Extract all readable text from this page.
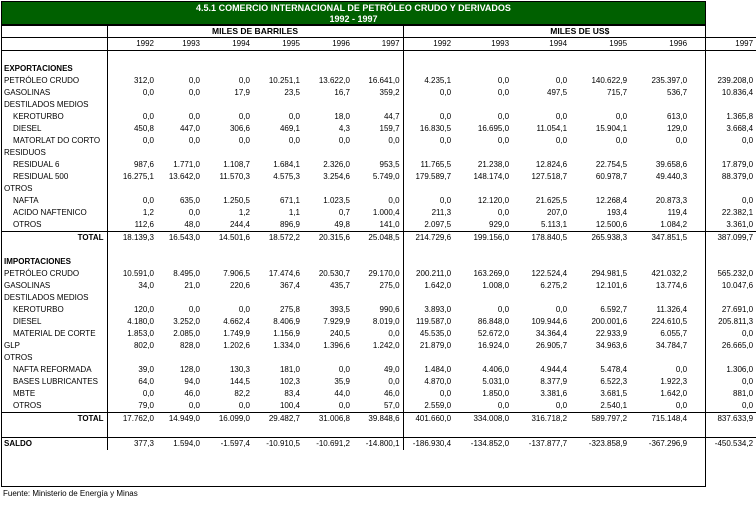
4.5.1 COMERCIO INTERNACIONAL DE PETRÓLEO CRUDO Y DERIVADOS
1992 - 1997
	MILES DE BARRILES						MILES DE US$					
	1992	1993	1994	1995	1996	1997	1992	1993	1994	1995	1996	1997

EXPORTACIONES												
PETRÓLEO CRUDO	312,0	0,0	0,0	10.251,1	13.622,0	16.641,0	4.235,1	0,0	0,0	140.622,9	235.397,0	239.208,0
GASOLINAS	0,0	0,0	17,9	23,5	16,7	359,2	0,0	0,0	497,5	715,7	536,7	10.836,4
DESTILADOS MEDIOS												
KEROTURBO	0,0	0,0	0,0	0,0	18,0	44,7	0,0	0,0	0,0	0,0	613,0	1.365,8
DIESEL	450,8	447,0	306,6	469,1	4,3	159,7	16.830,5	16.695,0	11.054,1	15.904,1	129,0	3.668,4
MATORLAT DO CORTO	0,0	0,0	0,0	0,0	0,0	0,0	0,0	0,0	0,0	0,0	0,0	0,0
RESIDUOS												
RESIDUAL 6	987,6	1.771,0	1.108,7	1.684,1	2.326,0	953,5	11.765,5	21.238,0	12.824,6	22.754,5	39.658,6	17.879,0
RESIDUAL 500	16.275,1	13.642,0	11.570,3	4.575,3	3.254,6	5.749,0	179.589,7	148.174,0	127.518,7	60.978,7	49.440,3	88.379,0
OTROS												
NAFTA	0,0	635,0	1.250,5	671,1	1.023,5	0,0	0,0	12.120,0	21.625,5	12.268,4	20.873,3	0,0
ACIDO NAFTENICO	1,2	0,0	1,2	1,1	0,7	1.000,4	211,3	0,0	207,0	193,4	119,4	22.382,1
OTROS	112,6	48,0	244,4	896,9	49,8	141,0	2.097,5	929,0	5.113,1	12.500,6	1.084,2	3.361,0
TOTAL	18.139,3	16.543,0	14.501,6	18.572,2	20.315,6	25.048,5	214.729,6	199.156,0	178.840,5	265.938,3	347.851,5	387.099,7

IMPORTACIONES												
PETRÓLEO CRUDO	10.591,0	8.495,0	7.906,5	17.474,6	20.530,7	29.170,0	200.211,0	163.269,0	122.524,4	294.981,5	421.032,2	565.232,0
GASOLINAS	34,0	21,0	220,6	367,4	435,7	275,0	1.642,0	1.008,0	6.275,2	12.101,6	13.774,6	10.047,6
DESTILADOS MEDIOS												
KEROTURBO	120,0	0,0	0,0	275,8	393,5	990,6	3.893,0	0,0	0,0	6.592,7	11.326,4	27.691,0
DIESEL	4.180,0	3.252,0	4.662,4	8.406,9	7.929,9	8.019,0	119.587,0	86.848,0	109.944,6	200.001,6	224.610,5	205.811,3
MATERIAL DE CORTE	1.853,0	2.085,0	1.749,9	1.156,9	240,5	0,0	45.535,0	52.672,0	34.364,4	22.933,9	6.055,7	0,0
GLP	802,0	828,0	1.202,6	1.334,0	1.396,6	1.242,0	21.879,0	16.924,0	26.905,7	34.963,6	34.784,7	26.665,0
OTROS												
NAFTA REFORMADA	39,0	128,0	130,3	181,0	0,0	49,0	1.484,0	4.406,0	4.944,4	5.478,4	0,0	1.306,0
BASES LUBRICANTES	64,0	94,0	144,5	102,3	35,9	0,0	4.870,0	5.031,0	8.377,9	6.522,3	1.922,3	0,0
MBTE	0,0	46,0	82,2	83,4	44,0	46,0	0,0	1.850,0	3.381,6	3.681,5	1.642,0	881,0
OTROS	79,0	0,0	0,0	100,4	0,0	57,0	2.559,0	0,0	0,0	2.540,1	0,0	0,0
TOTAL	17.762,0	14.949,0	16.099,0	29.482,7	31.006,8	39.848,6	401.660,0	334.008,0	316.718,2	589.797,2	715.148,4	837.633,9

SALDO	377,3	1.594,0	-1.597,4	-10.910,5	-10.691,2	-14.800,1	-186.930,4	-134.852,0	-137.877,7	-323.858,9	-367.296,9	-450.534,2
Fuente: Ministerio de Energía y Minas
